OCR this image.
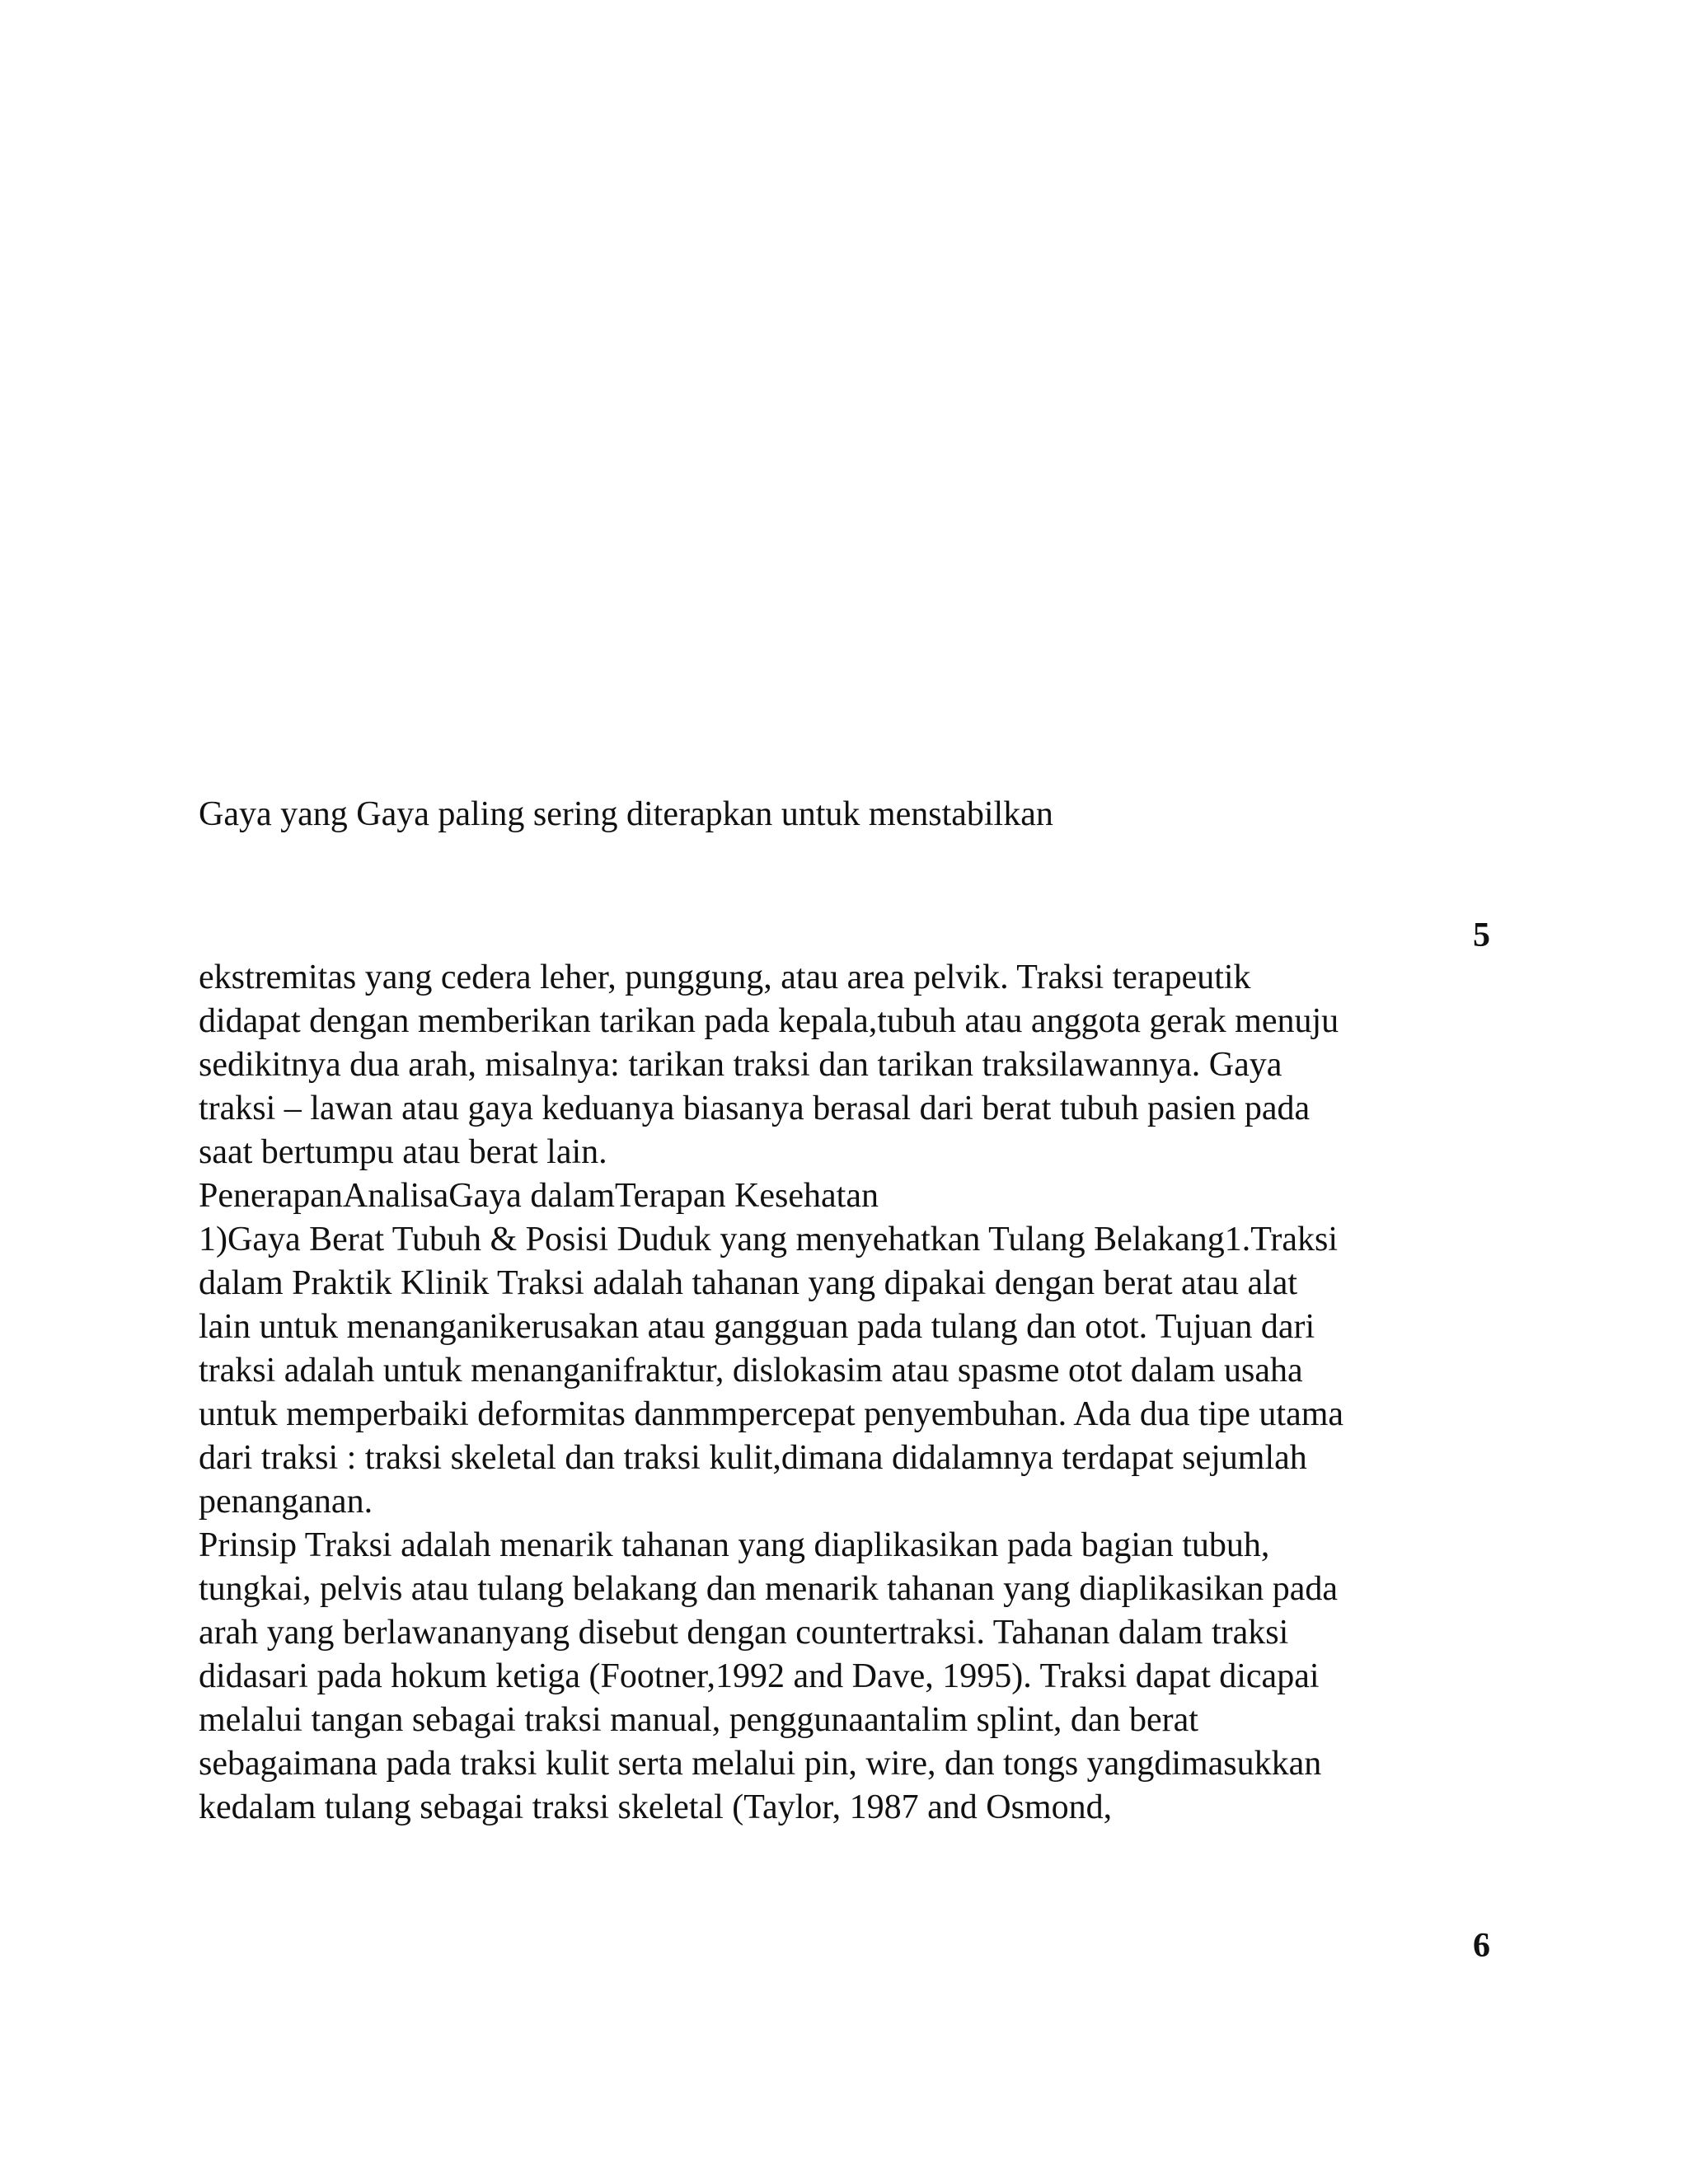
Gaya yang Gaya paling sering diterapkan untuk menstabilkan

5

ekstremitas yang cedera leher, punggung, atau area pelvik. Traksi terapeutik

didapat dengan memberikan tarikan pada kepala,tubuh atau anggota gerak menuju

sedikitnya dua arah, misalnya: tarikan traksi dan tarikan traksilawannya. Gaya

traksi – lawan atau gaya keduanya biasanya berasal dari berat tubuh pasien pada

saat bertumpu atau berat lain.

PenerapanAnalisaGaya dalamTerapan Kesehatan

1)Gaya Berat Tubuh & Posisi Duduk yang menyehatkan Tulang Belakang1.Traksi

dalam Praktik Klinik Traksi adalah tahanan yang dipakai dengan berat atau alat

lain untuk menanganikerusakan atau gangguan pada tulang dan otot. Tujuan dari

traksi adalah untuk menanganifraktur, dislokasim atau spasme otot dalam usaha

untuk memperbaiki deformitas danmmpercepat penyembuhan. Ada dua tipe utama

dari traksi : traksi skeletal dan traksi kulit,dimana didalamnya terdapat sejumlah

penanganan.

Prinsip Traksi adalah menarik tahanan yang diaplikasikan pada bagian tubuh,

tungkai, pelvis atau tulang belakang dan menarik tahanan yang diaplikasikan pada

arah yang berlawananyang disebut dengan countertraksi. Tahanan dalam traksi

didasari pada hokum ketiga (Footner,1992 and Dave, 1995). Traksi dapat dicapai

melalui tangan sebagai traksi manual, penggunaantalim splint, dan berat

sebagaimana pada traksi kulit serta melalui pin, wire, dan tongs yangdimasukkan

kedalam tulang sebagai traksi skeletal (Taylor, 1987 and Osmond,

6
